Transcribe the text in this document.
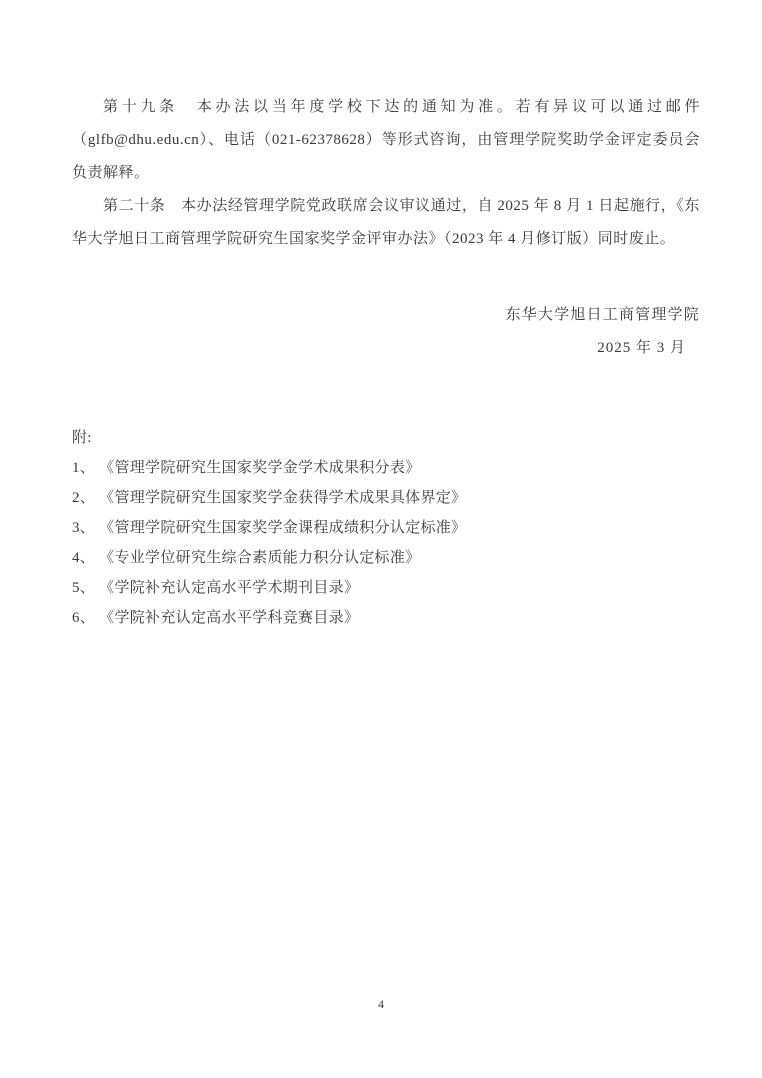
第十九条　本办法以当年度学校下达的通知为准。若有异议可以通过邮件
（glfb@dhu.edu.cn）、电话（021-62378628）等形式咨询，由管理学院奖助学金评定委员会
负责解释。
第二十条　本办法经管理学院党政联席会议审议通过，自 2025 年 8 月 1 日起施行，《东
华大学旭日工商管理学院研究生国家奖学金评审办法》（2023 年 4 月修订版）同时废止。
东华大学旭日工商管理学院
2025 年 3 月
附:
1、 《管理学院研究生国家奖学金学术成果积分表》
2、 《管理学院研究生国家奖学金获得学术成果具体界定》
3、 《管理学院研究生国家奖学金课程成绩积分认定标准》
4、 《专业学位研究生综合素质能力积分认定标准》
5、 《学院补充认定高水平学术期刊目录》
6、 《学院补充认定高水平学科竞赛目录》
4
